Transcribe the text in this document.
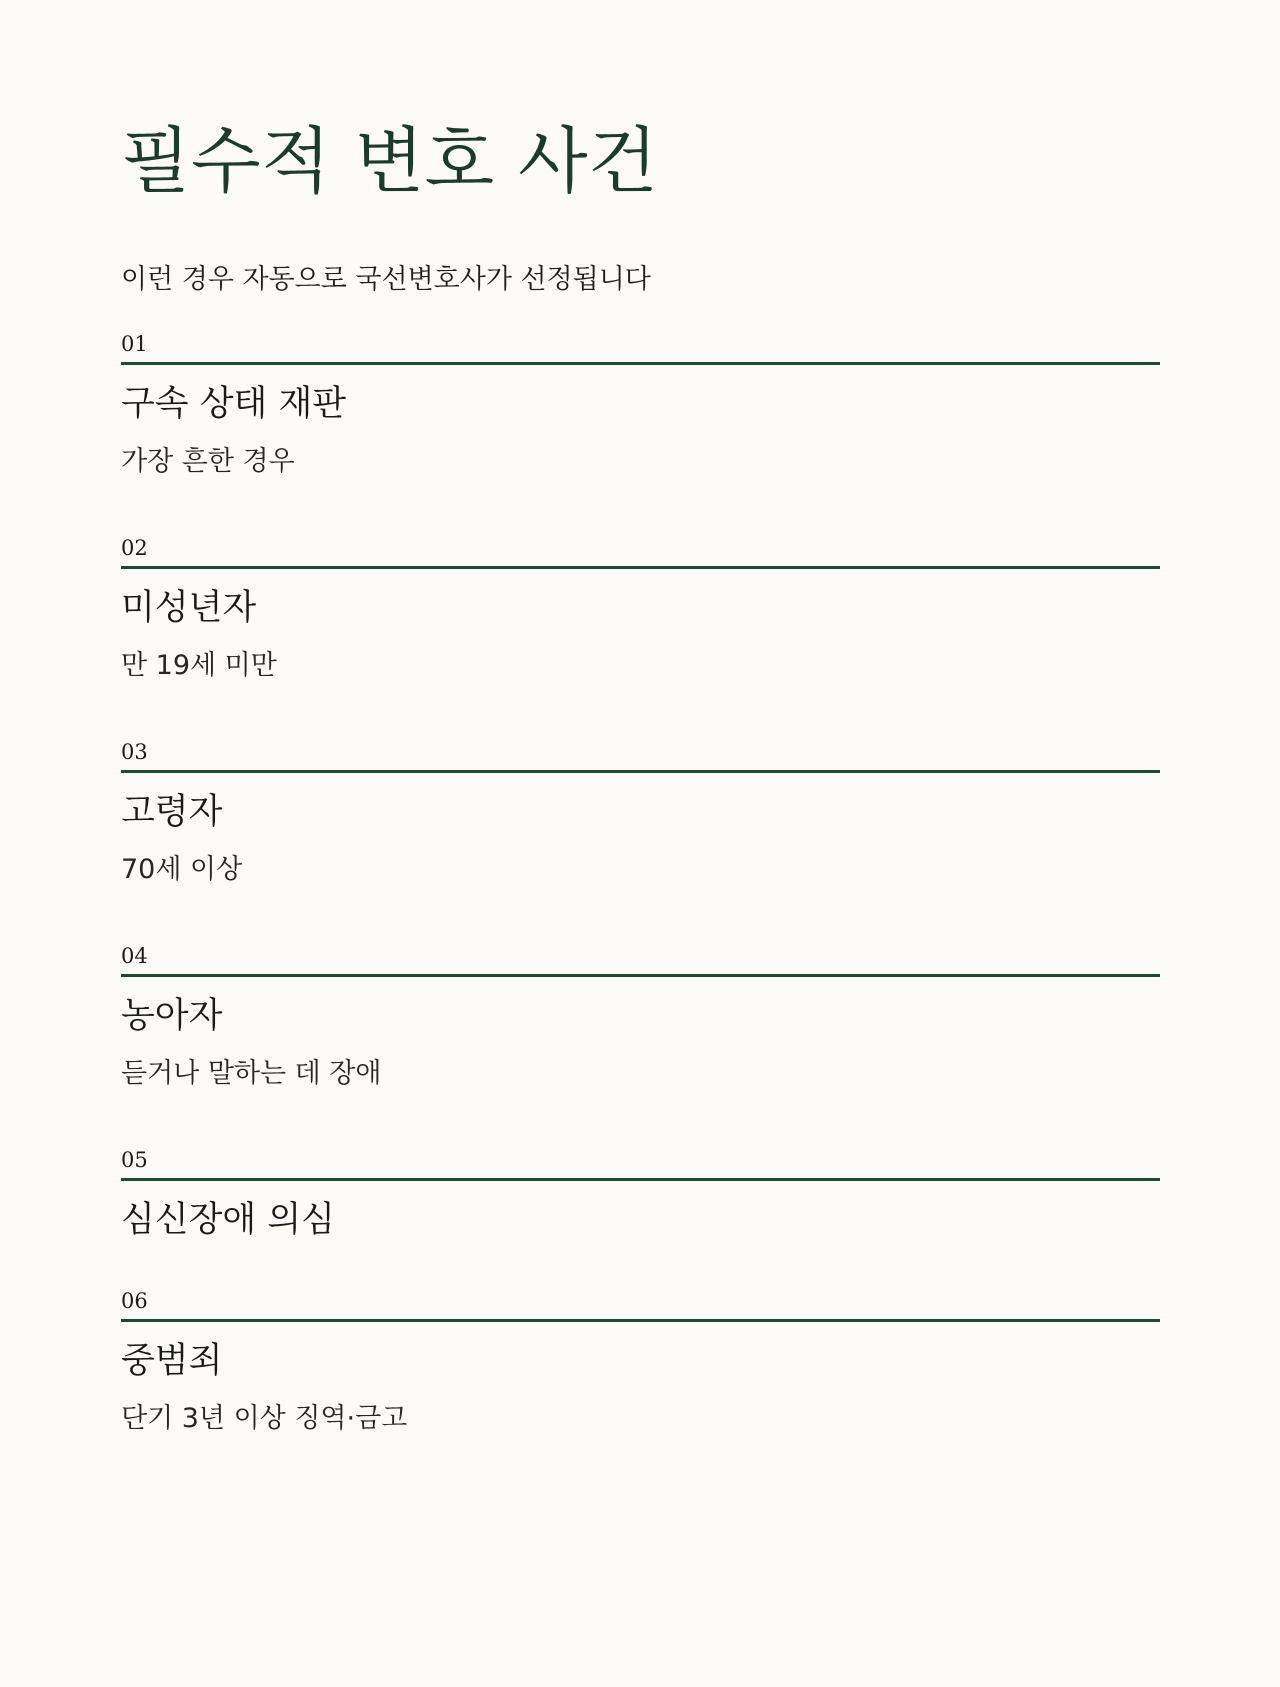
필수적 변호 사건

이런 경우 자동으로 국선변호사가 선정됩니다

01
구속 상태 재판
가장 흔한 경우
02
미성년자
만 19세 미만
03
고령자
70세 이상
04
농아자
듣거나 말하는 데 장애
05
심신장애 의심
06
중범죄
단기 3년 이상 징역·금고
